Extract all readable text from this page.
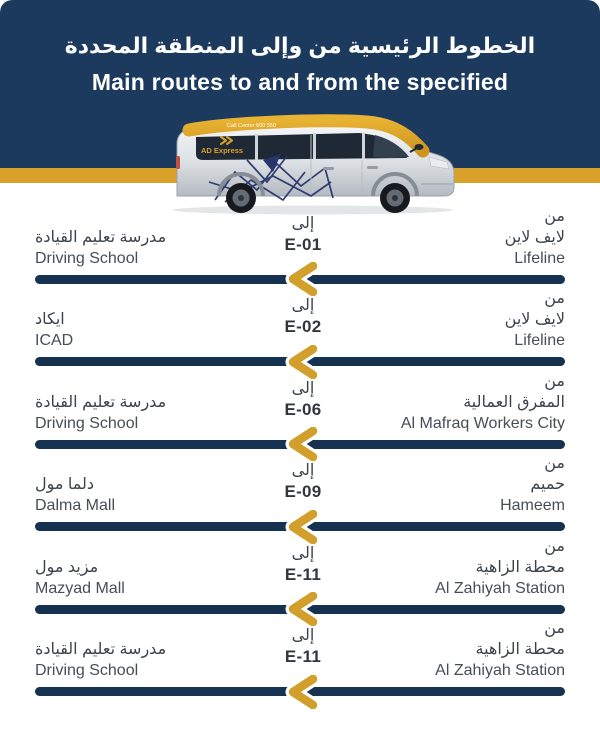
الخطوط الرئيسية من وإلى المنطقة المحددة
Main routes to and from the specified
Call Center 600 550
AD Express
مدرسة تعليم القيادة
Driving School
إلى
E-01
من
لايف لاين
Lifeline
ايكاد
ICAD
إلى
E-02
من
لايف لاين
Lifeline
مدرسة تعليم القيادة
Driving School
إلى
E-06
من
المفرق العمالية
Al Mafraq Workers City
دلما مول
Dalma Mall
إلى
E-09
من
حميم
Hameem
مزيد مول
Mazyad Mall
إلى
E-11
من
محطة الزاهية
Al Zahiyah Station
مدرسة تعليم القيادة
Driving School
إلى
E-11
من
محطة الزاهية
Al Zahiyah Station
